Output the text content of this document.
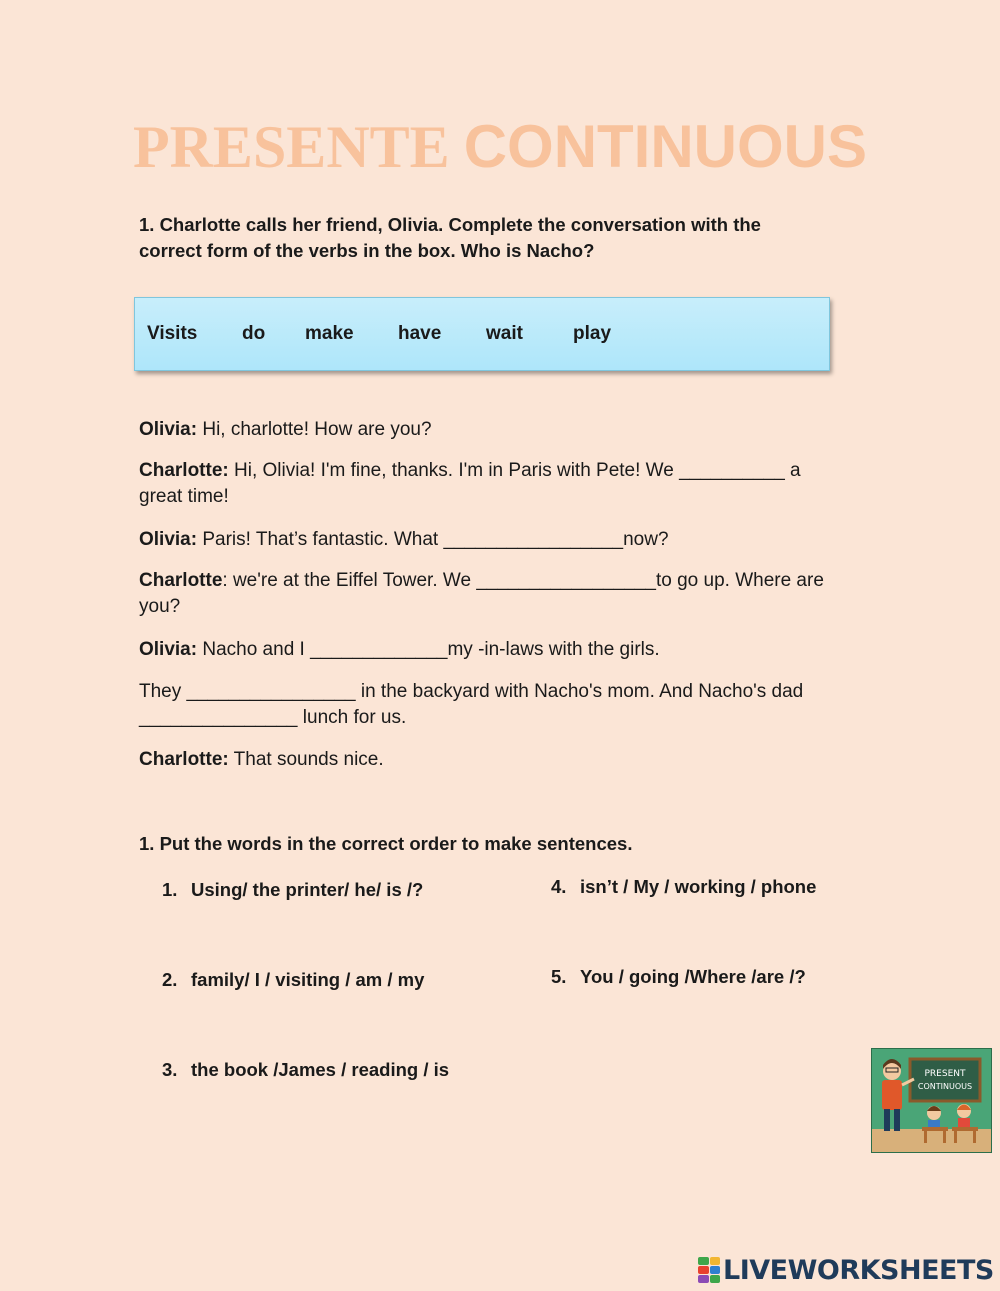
PRESENTE CONTINUOUS
1. Charlotte calls her friend, Olivia. Complete the conversation with the
correct form of the verbs in the box. Who is Nacho?
Visits do make have wait	play
Olivia: Hi, charlotte! How are you?
Charlotte: Hi, Olivia! I'm fine, thanks. I'm in Paris with Pete! We __________ a
great time!
Olivia: Paris! That’s fantastic. What _________________now?
Charlotte: we're at the Eiffel Tower. We _________________to go up. Where are
you?
Olivia: Nacho and I _____________my -in-laws with the girls.
They ________________ in the backyard with Nacho's mom. And Nacho's dad
_______________ lunch for us.
Charlotte: That sounds nice.
1. Put the words in the correct order to make sentences.
1. Using/ the printer/ he/ is /?
2. family/ I / visiting / am / my
3. the book /James / reading / is
4. isn’t / My / working / phone
5. You / going /Where /are /?
PRESENT
CONTINUOUS
LIVEWORKSHEETS
